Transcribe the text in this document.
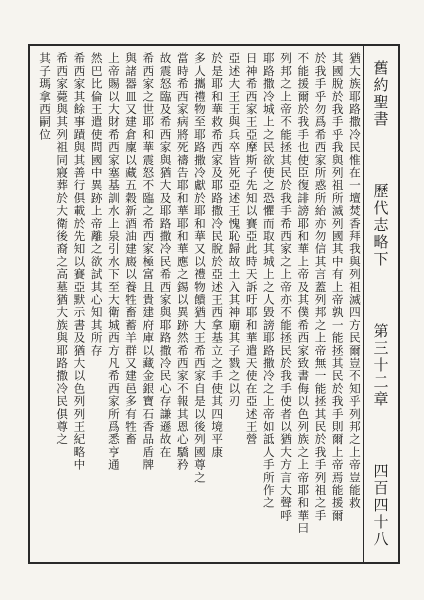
舊約聖書
歷代志略下
第三十二章
四百四十八
猶大族耶路撒冷民惟在一壇焚香拜我與列祖滅四方民爾豈不知乎列邦之上帝豈能救
其國脫於我手乎我與列祖所滅列國其中有上帝孰一能拯其民於我手則爾上帝焉能援爾
於我手乎勿爲希西家所惑所紿亦勿信其言蓋列邦之上帝無一能拯其民於我手列祖之手
不能援爾於我手也使臣復誹謗耶和華上帝及其僕希西家致書侮以色列族之上帝耶和華曰
列邦之上帝不能拯其民於我手希西家之上帝亦不能拯民於我手使者以猶大方言大聲呼
耶路撒冷城上之民欲使之恐懼而取其城上之人毀謗耶路撒冷之上帝如詆人手所作之
日神希西家王亞摩斯子先知以賽亞此時天訴吁耶和華遣天使在亞述王營
亞述大王王與兵卒皆死亞述王愧恥歸故土入其神廟其子戮之以刃
於是耶和華救希西家及耶路撒冷民脫於亞述王西拿基立之手使其四境平康
多人攜禮物至耶路撒冷獻於耶和華又以禮物饋猶大王希西家自是以後列國尊之
當時希西家病將死禱告耶和華耶和華應之錫以異跡然希西家不報其恩心驕矜
故震怒臨及希西家與猶大及耶路撒冷民希西家與耶路撒冷民心存謙遜故在
希西家之世耶和華震怒不臨之希西家極富且貴建府庫以藏金銀寶石香品盾牌
與諸器皿又建倉廩以藏五穀新酒油建廄以養牲畜蓄羊群又建邑多有牲畜
上帝賜以大財希西家塞基訓水上泉引水下至大衛城西方凡希西家所爲悉亨通
然巴比倫王遣使問國中異跡上帝離之欲試其心知其所存
希西家其餘事蹟與其善行俱載於先知以賽亞默示書及猶大以色列列王紀略中
希西家薨與其列祖同寢葬於大衛後裔之高墓猶大族與耶路撒冷民俱尊之
其子瑪拿西嗣位
